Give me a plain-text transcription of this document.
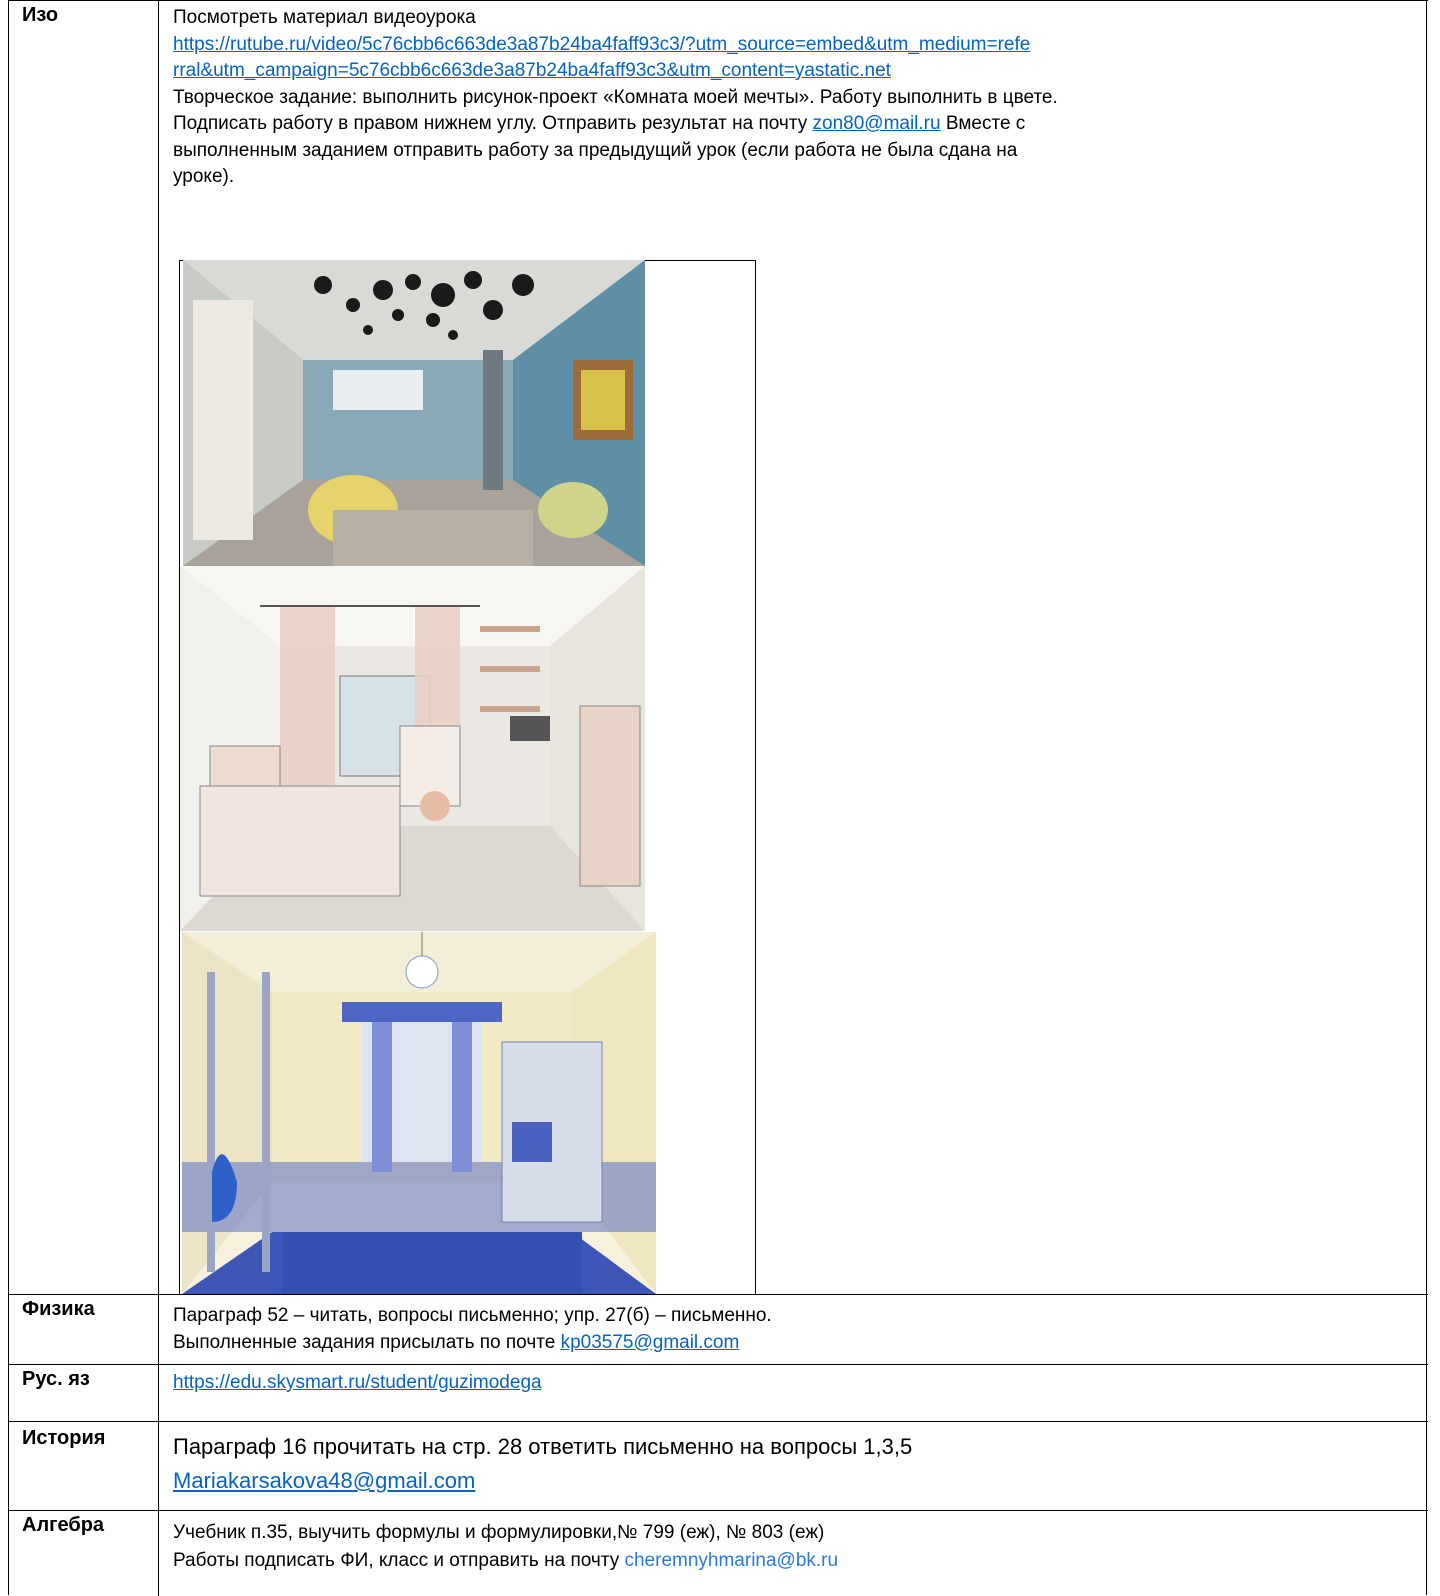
Изо	Посмотреть материал видеоурока
https://rutube.ru/video/5c76cbb6c663de3a87b24ba4faff93c3/?utm_source=embed&utm_medium=refe
rral&utm_campaign=5c76cbb6c663de3a87b24ba4faff93c3&utm_content=yastatic.net
Творческое задание: выполнить рисунок-проект «Комната моей мечты». Работу выполнить в цвете.
Подписать работу в правом нижнем углу. Отправить результат на почту zon80@mail.ru Вместе с
выполненным заданием отправить работу за предыдущий урок (если работа не была сдана на
уроке).
Физика	Параграф 52 – читать, вопросы письменно; упр. 27(б) – письменно.
Выполненные задания присылать по почте kp03575@gmail.com
Рус. яз	https://edu.skysmart.ru/student/guzimodega
История	Параграф 16 прочитать на стр. 28 ответить письменно на вопросы 1,3,5
Mariakarsakova48@gmail.com
Алгебра	Учебник п.35, выучить формулы и формулировки,№ 799 (еж), № 803 (еж)
Работы подписать ФИ, класс и отправить на почту cheremnyhmarina@bk.ru
